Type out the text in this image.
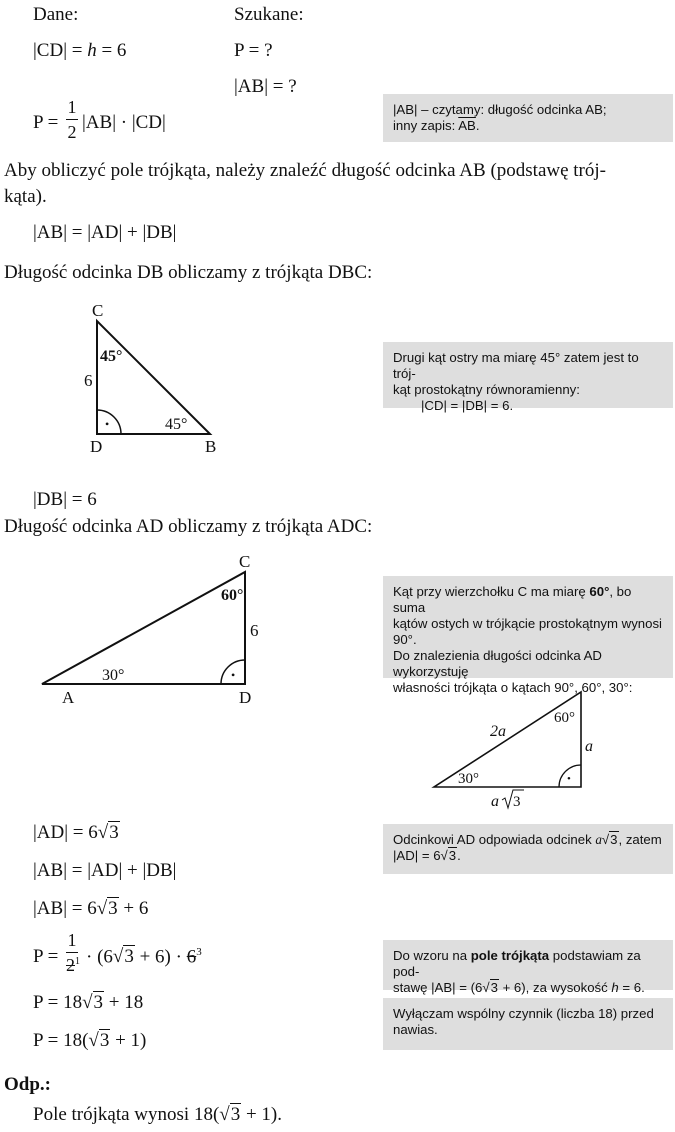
Dane:
|CD| = h = 6
P =
1
2 |AB| · |CD|
Szukane:
P = ?
|AB| = ?
|AB| – czytamy: długość odcinka AB;
inny zapis: $\overline{AB}$.
Aby obliczyć pole trójkąta, należy znaleźć długość odcinka AB (podstawę trój-
kąta).
|AB| = |AD| + |DB|
Długość odcinka DB obliczamy z trójkąta DBC:
•
C
D	B
6
45°
45°
Drugi kąt ostry ma miarę 45° zatem jest to trój-
kąt prostokątny równoramienny:
|CD| = |DB| = 6.
|DB| = 6
Długość odcinka AD obliczamy z trójkąta ADC:
•
C
A	D
6
60°
30°
Kąt przy wierzchołku C ma miarę 60°, bo suma
kątów ostych w trójkącie prostokątnym wynosi
90°.
Do znalezienia długości odcinka AD wykorzystuję
własności trójkąta o kątach 90°, 60°, 30°:
•
2a
a
60°
30°
a 3
|AD| = 6√3
|AB| = |AD| + |DB|
|AB| = 6√3 + 6
P =
1
$2^1 \cdot (6√3 + 6) \cdot 6^3$
P = 18√3 + 18
P = 18(√3 + 1)
Odcinkowi AD odpowiada odcinek a√3, zatem
|AD| = 6√3.
Do wzoru na pole trójkąta podstawiam za pod-
stawę |AB| = (6√3 + 6), za wysokość h = 6.
Wyłączam wspólny czynnik (liczba 18) przed
nawias.
Odp.:
Pole trójkąta wynosi 18(√3 + 1).
